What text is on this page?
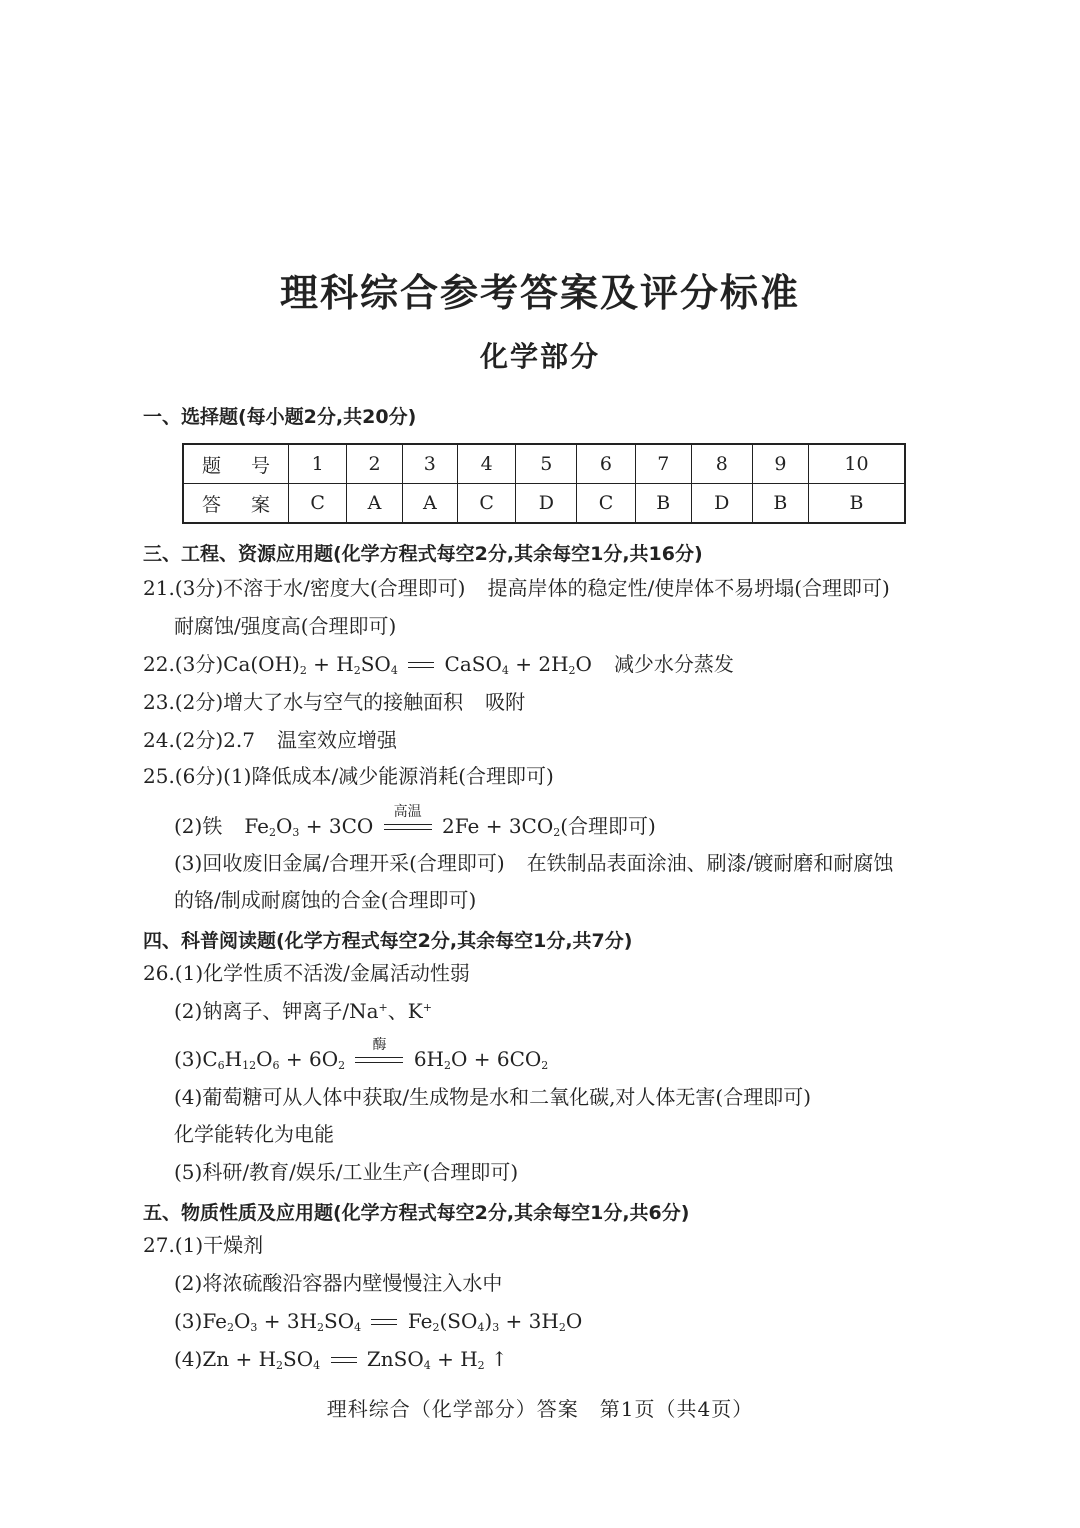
理科综合参考答案及评分标准
化学部分
一、选择题(每小题2分,共20分)
题 号	1	2	3	4	5	6	7	8	9	10
答 案	C	A	A	C	D	C	B	D	B	B
三、工程、资源应用题(化学方程式每空2分,其余每空1分,共16分)
21.(3分)不溶于水/密度大(合理即可) 提高岸体的稳定性/使岸体不易坍塌(合理即可)
耐腐蚀/强度高(合理即可)
22.(3分)$Ca(OH)_2 + H_2SO_4$
CaSO$_4$ + $2H_2O$ 减少水分蒸发
23.(2分)增大了水与空气的接触面积 吸附
24.(2分)2.7 温室效应增强
25.(6分)(1)降低成本/减少能源消耗(合理即可)
(2)铁 $Fe_2O_3 + 3CO$
高温
$2Fe + 3CO_2$(合理即可)
(3)回收废旧金属/合理开采(合理即可) 在铁制品表面涂油、刷漆/镀耐磨和耐腐蚀
的铬/制成耐腐蚀的合金(合理即可)
四、科普阅读题(化学方程式每空2分,其余每空1分,共7分)
26.(1)化学性质不活泼/金属活动性弱
(2)钠离子、钾离子/Na+、K+
$(3)C_6H_{12}O_6 + 6O_2$
酶
$6H_2O + 6CO_2$
(4)葡萄糖可从人体中获取/生成物是水和二氧化碳,对人体无害(合理即可)
化学能转化为电能
(5)科研/教育/娱乐/工业生产(合理即可)
五、物质性质及应用题(化学方程式每空2分,其余每空1分,共6分)
27.(1)干燥剂
(2)将浓硫酸沿容器内壁慢慢注入水中
$(3)Fe_2O_3 + 3H_2SO_4$
$Fe_2(SO_4)_3 + 3H_2O$
$(4)Zn + H_2SO_4$
ZnSO$_4$ + $H_2$ ↑
理科综合（化学部分）答案　第1页（共4页）
